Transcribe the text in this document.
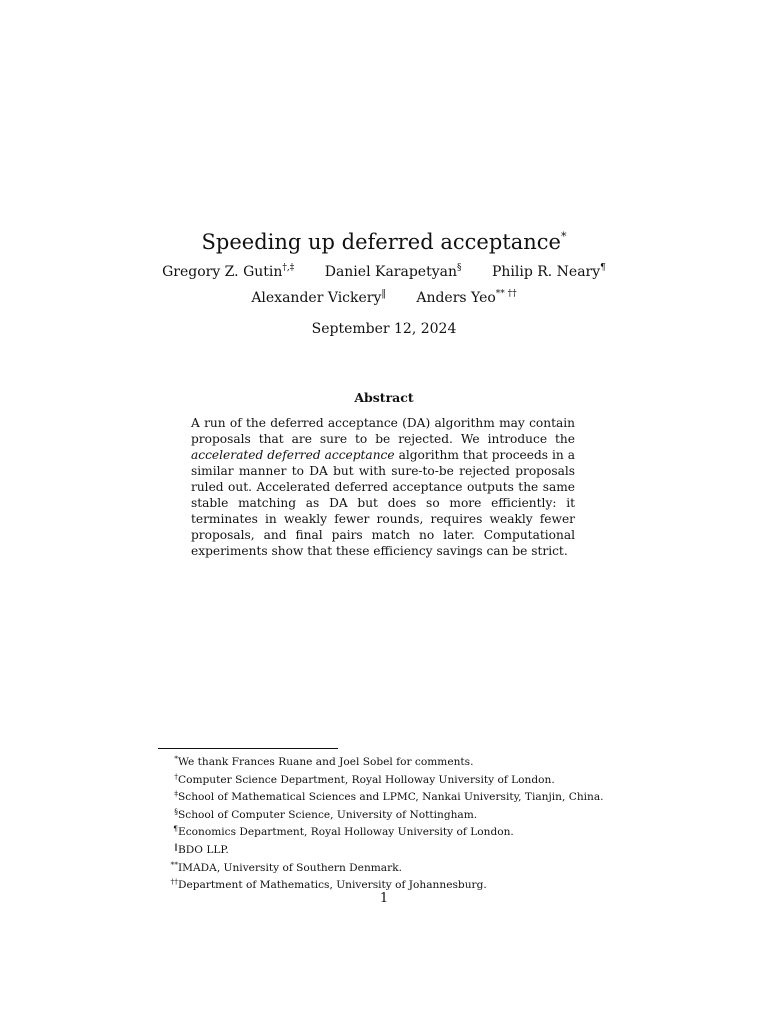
Speeding up deferred acceptance*
Gregory Z. Gutin†,‡ Daniel Karapetyan§ Philip R. Neary¶
Alexander Vickery‖ Anders Yeo** ††
September 12, 2024
Abstract

A run of the deferred acceptance (DA) algorithm may contain proposals that are sure to be rejected. We introduce the accelerated deferred acceptance algorithm that proceeds in a similar manner to DA but with sure-to-be rejected proposals ruled out. Accelerated deferred acceptance outputs the same stable matching as DA but does so more efficiently: it terminates in weakly fewer rounds, requires weakly fewer proposals, and final pairs match no later. Computational experiments show that these efficiency savings can be strict.

*We thank Frances Ruane and Joel Sobel for comments.
†Computer Science Department, Royal Holloway University of London.
‡School of Mathematical Sciences and LPMC, Nankai University, Tianjin, China.
§School of Computer Science, University of Nottingham.
¶Economics Department, Royal Holloway University of London.
‖BDO LLP.
**IMADA, University of Southern Denmark.
††Department of Mathematics, University of Johannesburg.
1
